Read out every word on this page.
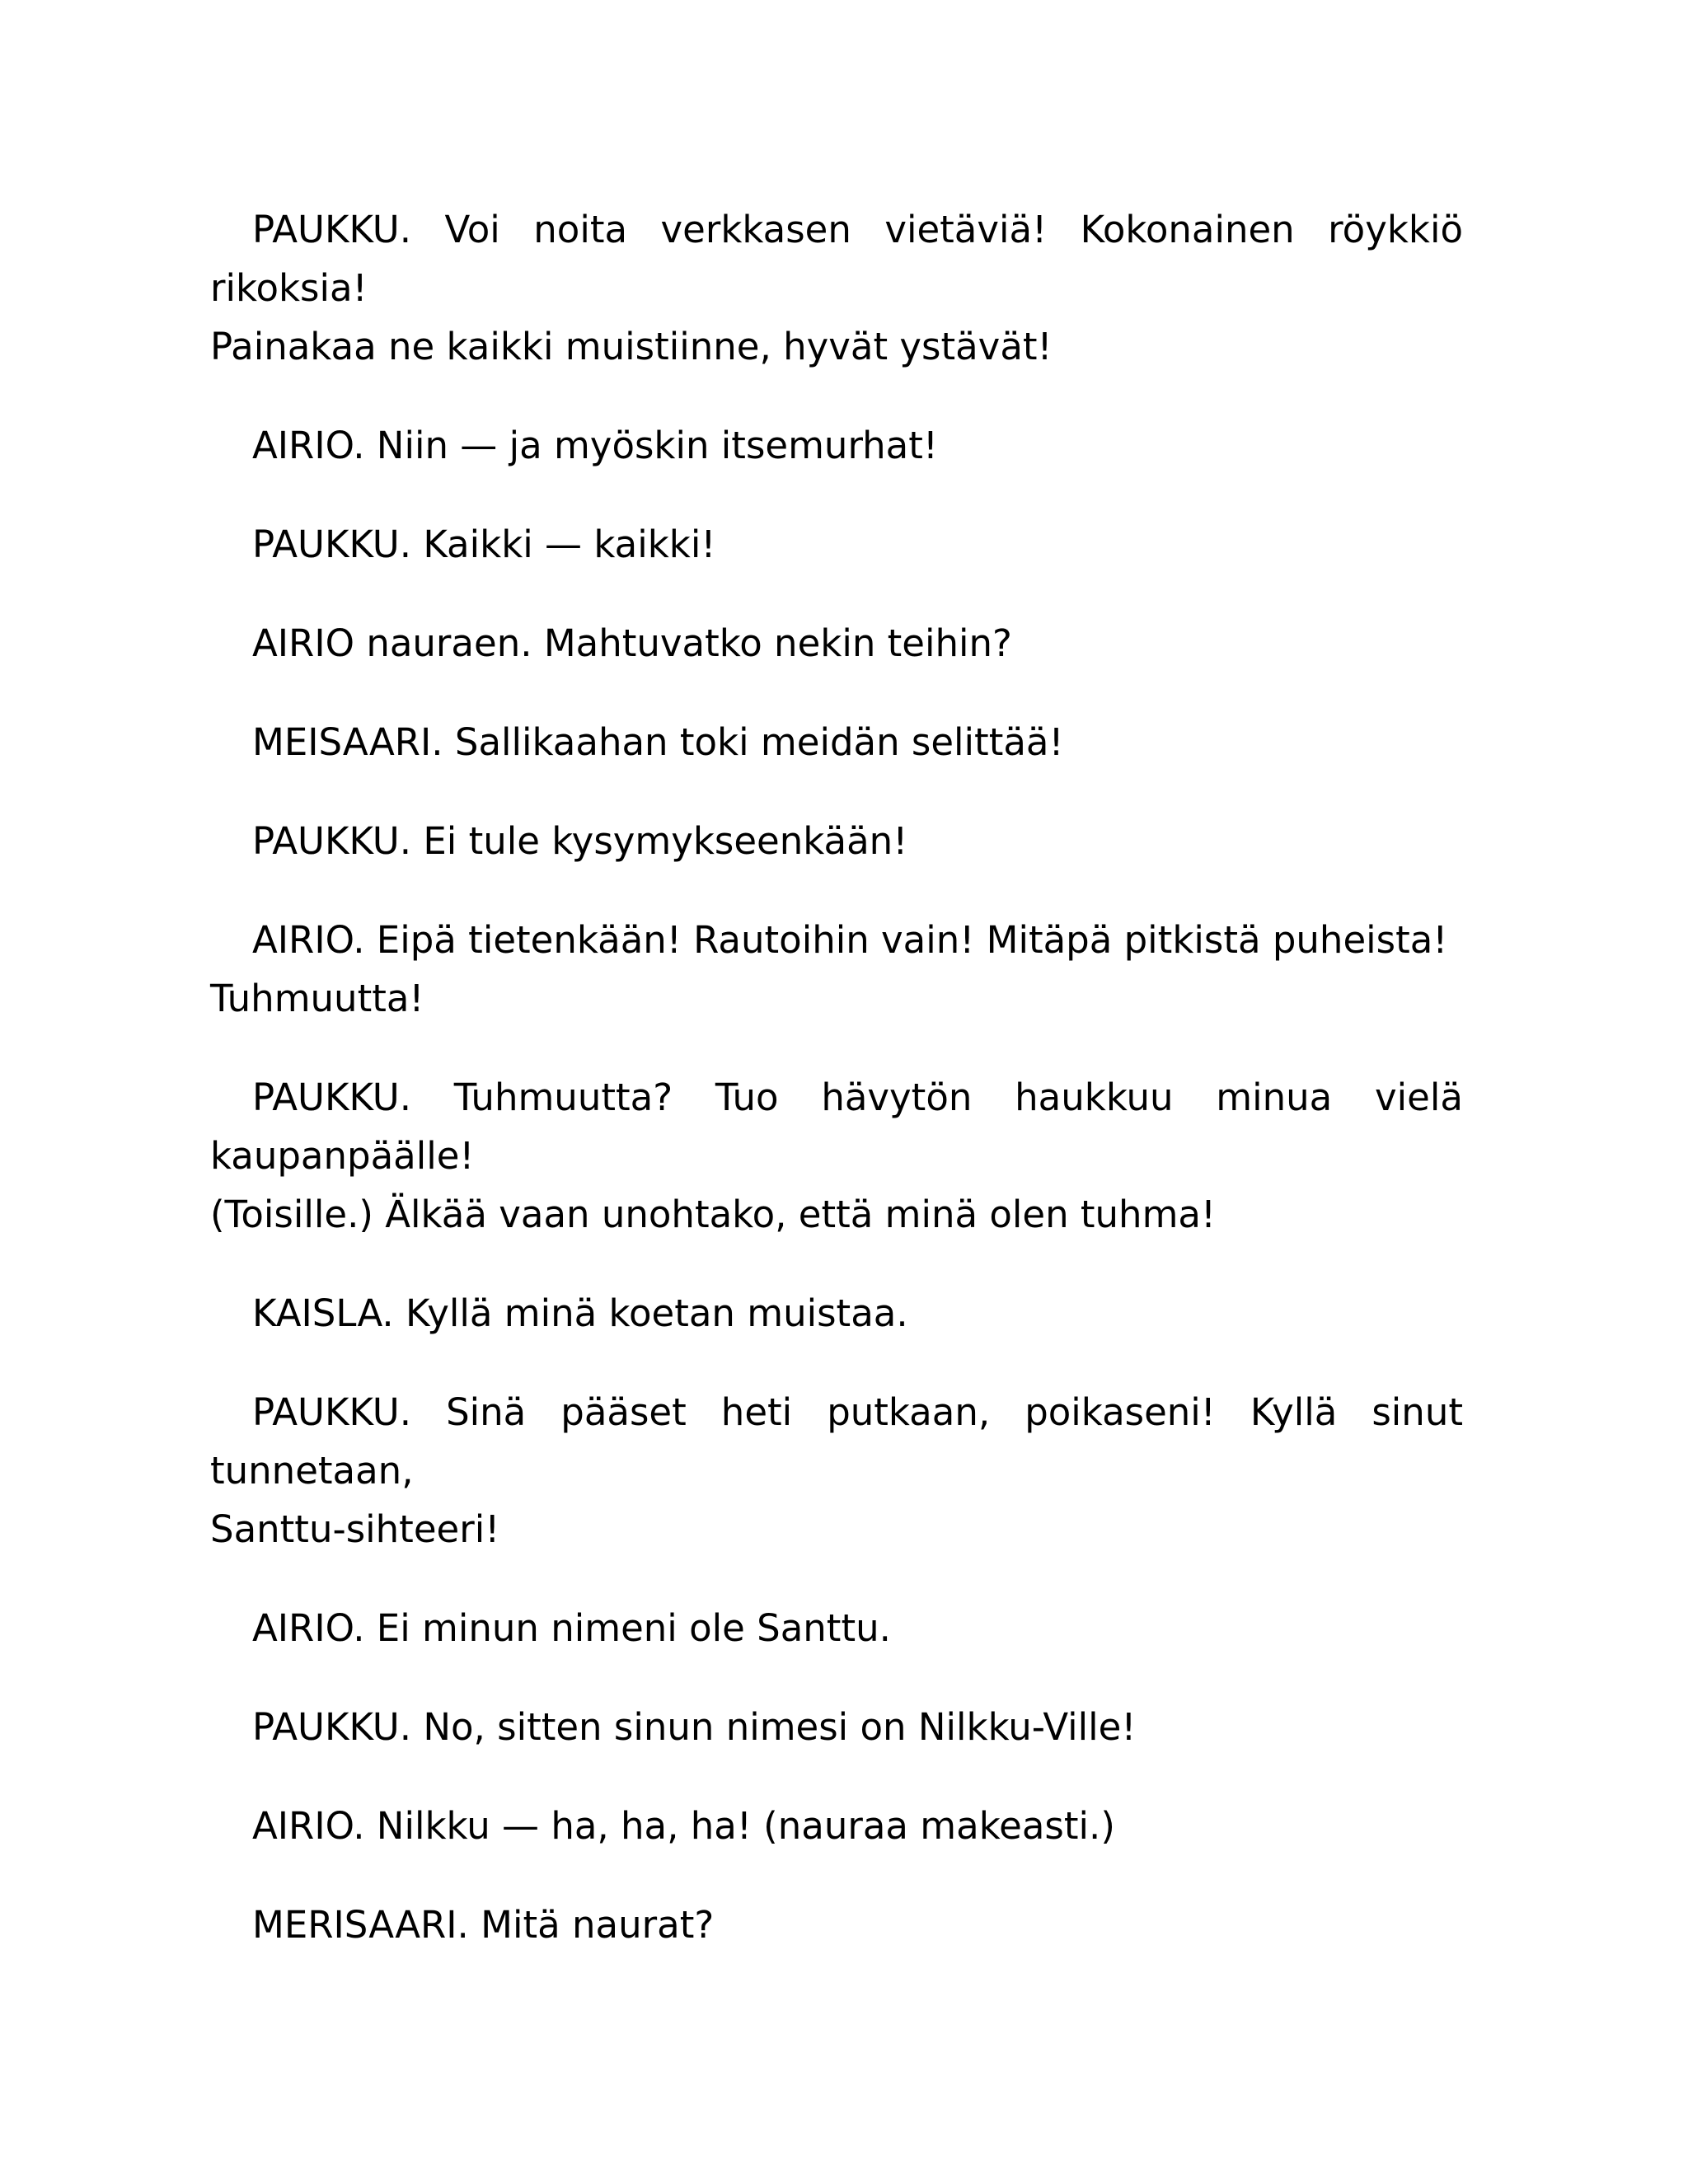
PAUKKU. Voi noita verkkasen vietäviä! Kokonainen röykkiö
rikoksia!
Painakaa ne kaikki muistiinne, hyvät ystävät!
AIRIO. Niin — ja myöskin itsemurhat!
PAUKKU. Kaikki — kaikki!
AIRIO nauraen. Mahtuvatko nekin teihin?
MEISAARI. Sallikaahan toki meidän selittää!
PAUKKU. Ei tule kysymykseenkään!
AIRIO. Eipä tietenkään! Rautoihin vain! Mitäpä pitkistä puheista!
Tuhmuutta!
PAUKKU. Tuhmuutta? Tuo hävytön haukkuu minua vielä
kaupanpäälle!
(Toisille.) Älkää vaan unohtako, että minä olen tuhma!
KAISLA. Kyllä minä koetan muistaa.
PAUKKU. Sinä pääset heti putkaan, poikaseni! Kyllä sinut
tunnetaan,
Santtu-sihteeri!
AIRIO. Ei minun nimeni ole Santtu.
PAUKKU. No, sitten sinun nimesi on Nilkku-Ville!
AIRIO. Nilkku — ha, ha, ha! (nauraa makeasti.)
MERISAARI. Mitä naurat?
